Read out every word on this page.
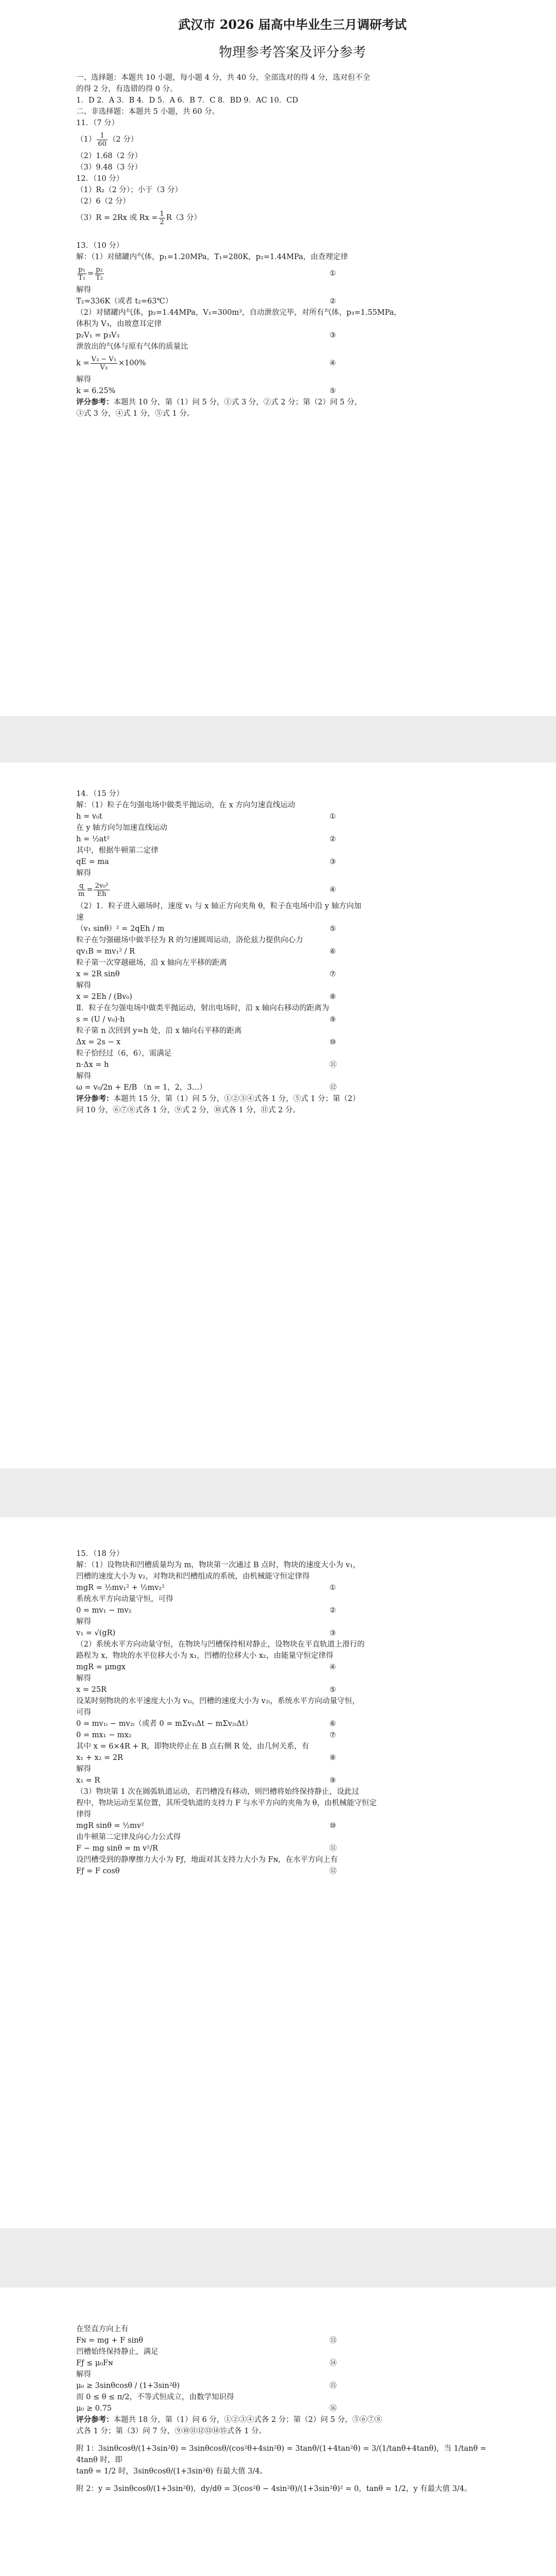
武汉市 2026 届高中毕业生三月调研考试

物理参考答案及评分参考

一、选择题：本题共 10 小题，每小题 4 分，共 40 分，全部选对的得 4 分，选对但不全

的得 2 分，有选错的得 0 分。

1．D 2．A 3．B 4．D 5．A 6．B 7．C 8．BD 9．AC 10．CD

二、非选择题：本题共 5 小题，共 60 分。

11．（7 分）

$(1) \frac{1}{60} (2$ 分）

（2）1.68（2 分）

（3）9.48（3 分）

12．（10 分）

（1）R₂（2 分）；小于（3 分）

（2）6（2 分）

（3）R = 2Rx 或 $Rx = \frac{1}{2} R(3$ 分）

13．（10 分）

解：（1）对储罐内气体，p₁=1.20MPa，T₁=280K，p₂=1.44MPa，由查理定律

$\frac{\text{p₁}}{\text{T₁}} = \frac{\text{p₂}}{\text{T₂}}$	①

解得

T₂=336K（或者 t₂=63℃）	②

（2）对储罐内气体，p₂=1.44MPa，V₁=300m³，自动泄放完毕，对所有气体，p₃=1.55MPa，

体积为 V₃，由玻意耳定律

p₂V₁ = p₃V₃	③

泄放出的气体与原有气体的质量比

$k = \frac{\text{V₃ − V₁}}{\text{V₃}} \times 100\%$	④

解得

k = 6.25%	⑤

评分参考：本题共 10 分，第（1）问 5 分，①式 3 分，②式 2 分；第（2）问 5 分，

③式 3 分，④式 1 分，⑤式 1 分。

14．（15 分）

解：（1）粒子在匀强电场中做类平抛运动，在 x 方向匀速直线运动

h = v₀t	①

在 y 轴方向匀加速直线运动

h = ½at²	②

其中，根据牛顿第二定律

qE = ma	③

解得

$\frac{q}{m} = \frac{\text{2v₀²}}{Eh}$	④

（2）1．粒子进入磁场时，速度 v₁ 与 x 轴正方向夹角 θ，粒子在电场中沿 y 轴方向加

速

（v₁ sinθ）² = 2qEh / m	⑤

粒子在匀强磁场中做半径为 R 的匀速圆周运动，洛伦兹力提供向心力

qv₁B = mv₁² / R	⑥

粒子第一次穿越磁场，沿 x 轴向左平移的距离

x = 2R sinθ	⑦

解得

x = 2Eh / (Bv₀)	⑧

Ⅱ．粒子在匀强电场中做类平抛运动，射出电场时，沿 x 轴向右移动的距离为

s = (U / v₀)·h	⑨

粒子第 n 次回到 y=h 处，沿 x 轴向右平移的距离

Δx = 2s − x	⑩

粒子恰经过（6，6），需满足

n·Δx = h	⑪

解得

ω = v₀/2n + E/B （n = 1，2，3…）	⑫

评分参考：本题共 15 分，第（1）问 5 分，①②③④式各 1 分，⑤式 1 分；第（2）

问 10 分，⑥⑦⑧式各 1 分，⑨式 2 分，⑩式各 1 分，⑪式 2 分。

15．（18 分）

解：（1）设物块和凹槽质量均为 m，物块第一次通过 B 点时，物块的速度大小为 v₁，

凹槽的速度大小为 v₂，对物块和凹槽组成的系统，由机械能守恒定律得

mgR = ½mv₁² + ½mv₂²	①

系统水平方向动量守恒，可得

0 = mv₁ − mv₂	②

解得

v₁ = √(gR)	③

（2）系统水平方向动量守恒，在物块与凹槽保持相对静止，设物块在平直轨道上滑行的

路程为 x，物块的水平位移大小为 x₁，凹槽的位移大小 x₂，由能量守恒定律得

mgR = μmgx	④

解得

x = 25R	⑤

设某时刻物块的水平速度大小为 v₁ᵢ，凹槽的速度大小为 v₂ᵢ，系统水平方向动量守恒，

可得

0 = mv₁ᵢ − mv₂ᵢ（或者 0 = mΣv₁ᵢΔt − mΣv₂ᵢΔt）	⑥

0 = mx₁ − mx₂	⑦

其中 x = 6×4R + R，即物块停止在 B 点右侧 R 处，由几何关系，有

x₁ + x₂ = 2R	⑧

解得

x₁ = R	⑨

（3）物块第 1 次在圆弧轨道运动，若凹槽没有移动，则凹槽将始终保持静止，设此过

程中，物块运动至某位置，其所受轨道的支持力 F 与水平方向的夹角为 θ，由机械能守恒定

律得

mgR sinθ = ½mv²	⑩

由牛顿第二定律及向心力公式得

F − mg sinθ = m v²/R	⑪

设凹槽受到的静摩擦力大小为 Fƒ，地面对其支持力大小为 Fɴ，在水平方向上有

Fƒ = F cosθ	⑫

在竖直方向上有

Fɴ = mg + F sinθ	⑬

凹槽始终保持静止，满足

Fƒ ≤ μ₀Fɴ	⑭

解得

μ₀ ≥ 3sinθcosθ / (1+3sin²θ)	⑮

而 0 ≤ θ ≤ π/2，不等式恒成立，由数学知识得

μ₀ ≥ 0.75	⑯

评分参考：本题共 18 分，第（1）问 6 分，①②③④式各 2 分；第（2）问 5 分，⑤⑥⑦⑧

式各 1 分；第（3）问 7 分，⑨⑩⑪⑫⑬⑭⑮式各 1 分。

附 1：3sinθcosθ/(1+3sin²θ) = 3sinθcosθ/(cos²θ+4sin²θ) = 3tanθ/(1+4tan²θ) = 3/(1/tanθ+4tanθ)，当 1/tanθ = 4tanθ 时，即

tanθ = 1/2 时，3sinθcosθ/(1+3sin²θ) 有最大值 3/4。

附 2：y = 3sinθcosθ/(1+3sin²θ)，dy/dθ = 3(cos²θ − 4sin²θ)/(1+3sin²θ)² = 0，tanθ = 1/2，y 有最大值 3/4。
